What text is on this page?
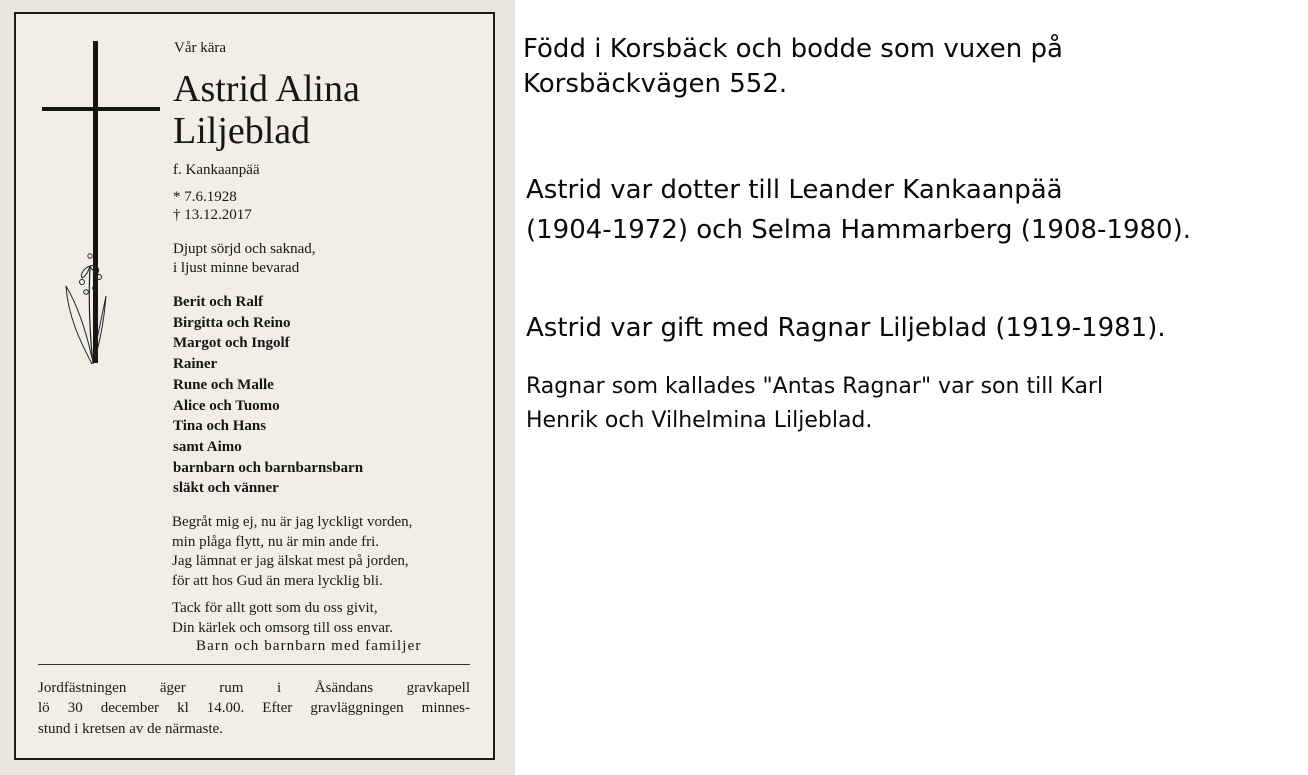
Vår kära
Astrid Alina
Liljeblad
f. Kankaanpää
* 7.6.1928
† 13.12.2017
Djupt sörjd och saknad,
i ljust minne bevarad
Berit och Ralf
Birgitta och Reino
Margot och Ingolf
Rainer
Rune och Malle
Alice och Tuomo
Tina och Hans
samt Aimo
barnbarn och barnbarnsbarn
släkt och vänner
Begråt mig ej, nu är jag lyckligt vorden,
min plåga flytt, nu är min ande fri.
Jag lämnat er jag älskat mest på jorden,
för att hos Gud än mera lycklig bli.
Tack för allt gott som du oss givit,
Din kärlek och omsorg till oss envar.
Barn och barnbarn med familjer
Jordfästningen äger rum i Åsändans gravkapell
lö 30 december kl 14.00. Efter gravläggningen minnes-
stund i kretsen av de närmaste.

Född i Korsbäck och bodde som vuxen på
Korsbäckvägen 552.

Astrid var dotter till Leander Kankaanpää
(1904-1972) och Selma Hammarberg (1908-1980).

Astrid var gift med Ragnar Liljeblad (1919-1981).

Ragnar som kallades "Antas Ragnar" var son till Karl
Henrik och Vilhelmina Liljeblad.
